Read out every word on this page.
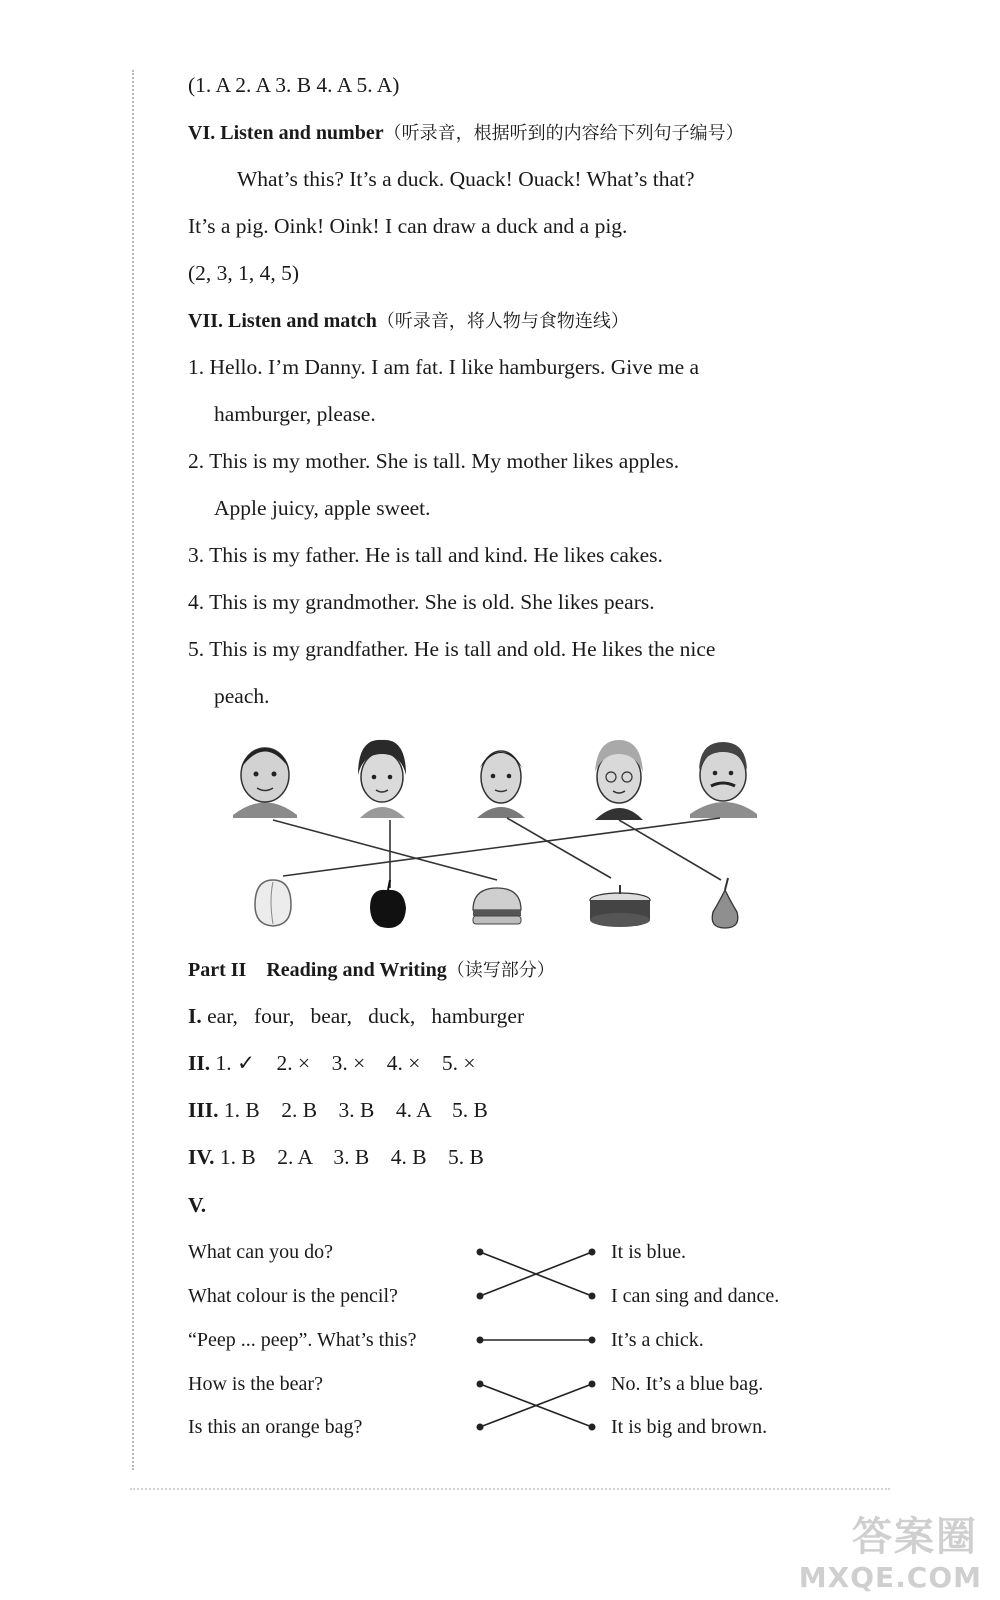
(1. A 2. A 3. B 4. A 5. A)
VI. Listen and number（听录音，根据听到的内容给下列句子编号）
What’s this? It’s a duck. Quack! Ouack! What’s that?
It’s a pig. Oink! Oink! I can draw a duck and a pig.
(2, 3, 1, 4, 5)
VII. Listen and match（听录音，将人物与食物连线）
1. Hello. I’m Danny. I am fat. I like hamburgers. Give me a
hamburger, please.
2. This is my mother. She is tall. My mother likes apples.
Apple juicy, apple sweet.
3. This is my father. He is tall and kind. He likes cakes.
4. This is my grandmother. She is old. She likes pears.
5. This is my grandfather. He is tall and old. He likes the nice
peach.
Part II    Reading and Writing（读写部分）
I. ear,   four,   bear,   duck,   hamburger
II. 1. ✓    2. ×    3. ×    4. ×    5. ×
III. 1. B    2. B    3. B    4. A    5. B
IV. 1. B    2. A    3. B    4. B    5. B
V.
What can you do?
What colour is the pencil?
“Peep ... peep”. What’s this?
How is the bear?
Is this an orange bag?
It is blue.
I can sing and dance.
It’s a chick.
No. It’s a blue bag.
It is big and brown.
答案圈
MXQE.COM
